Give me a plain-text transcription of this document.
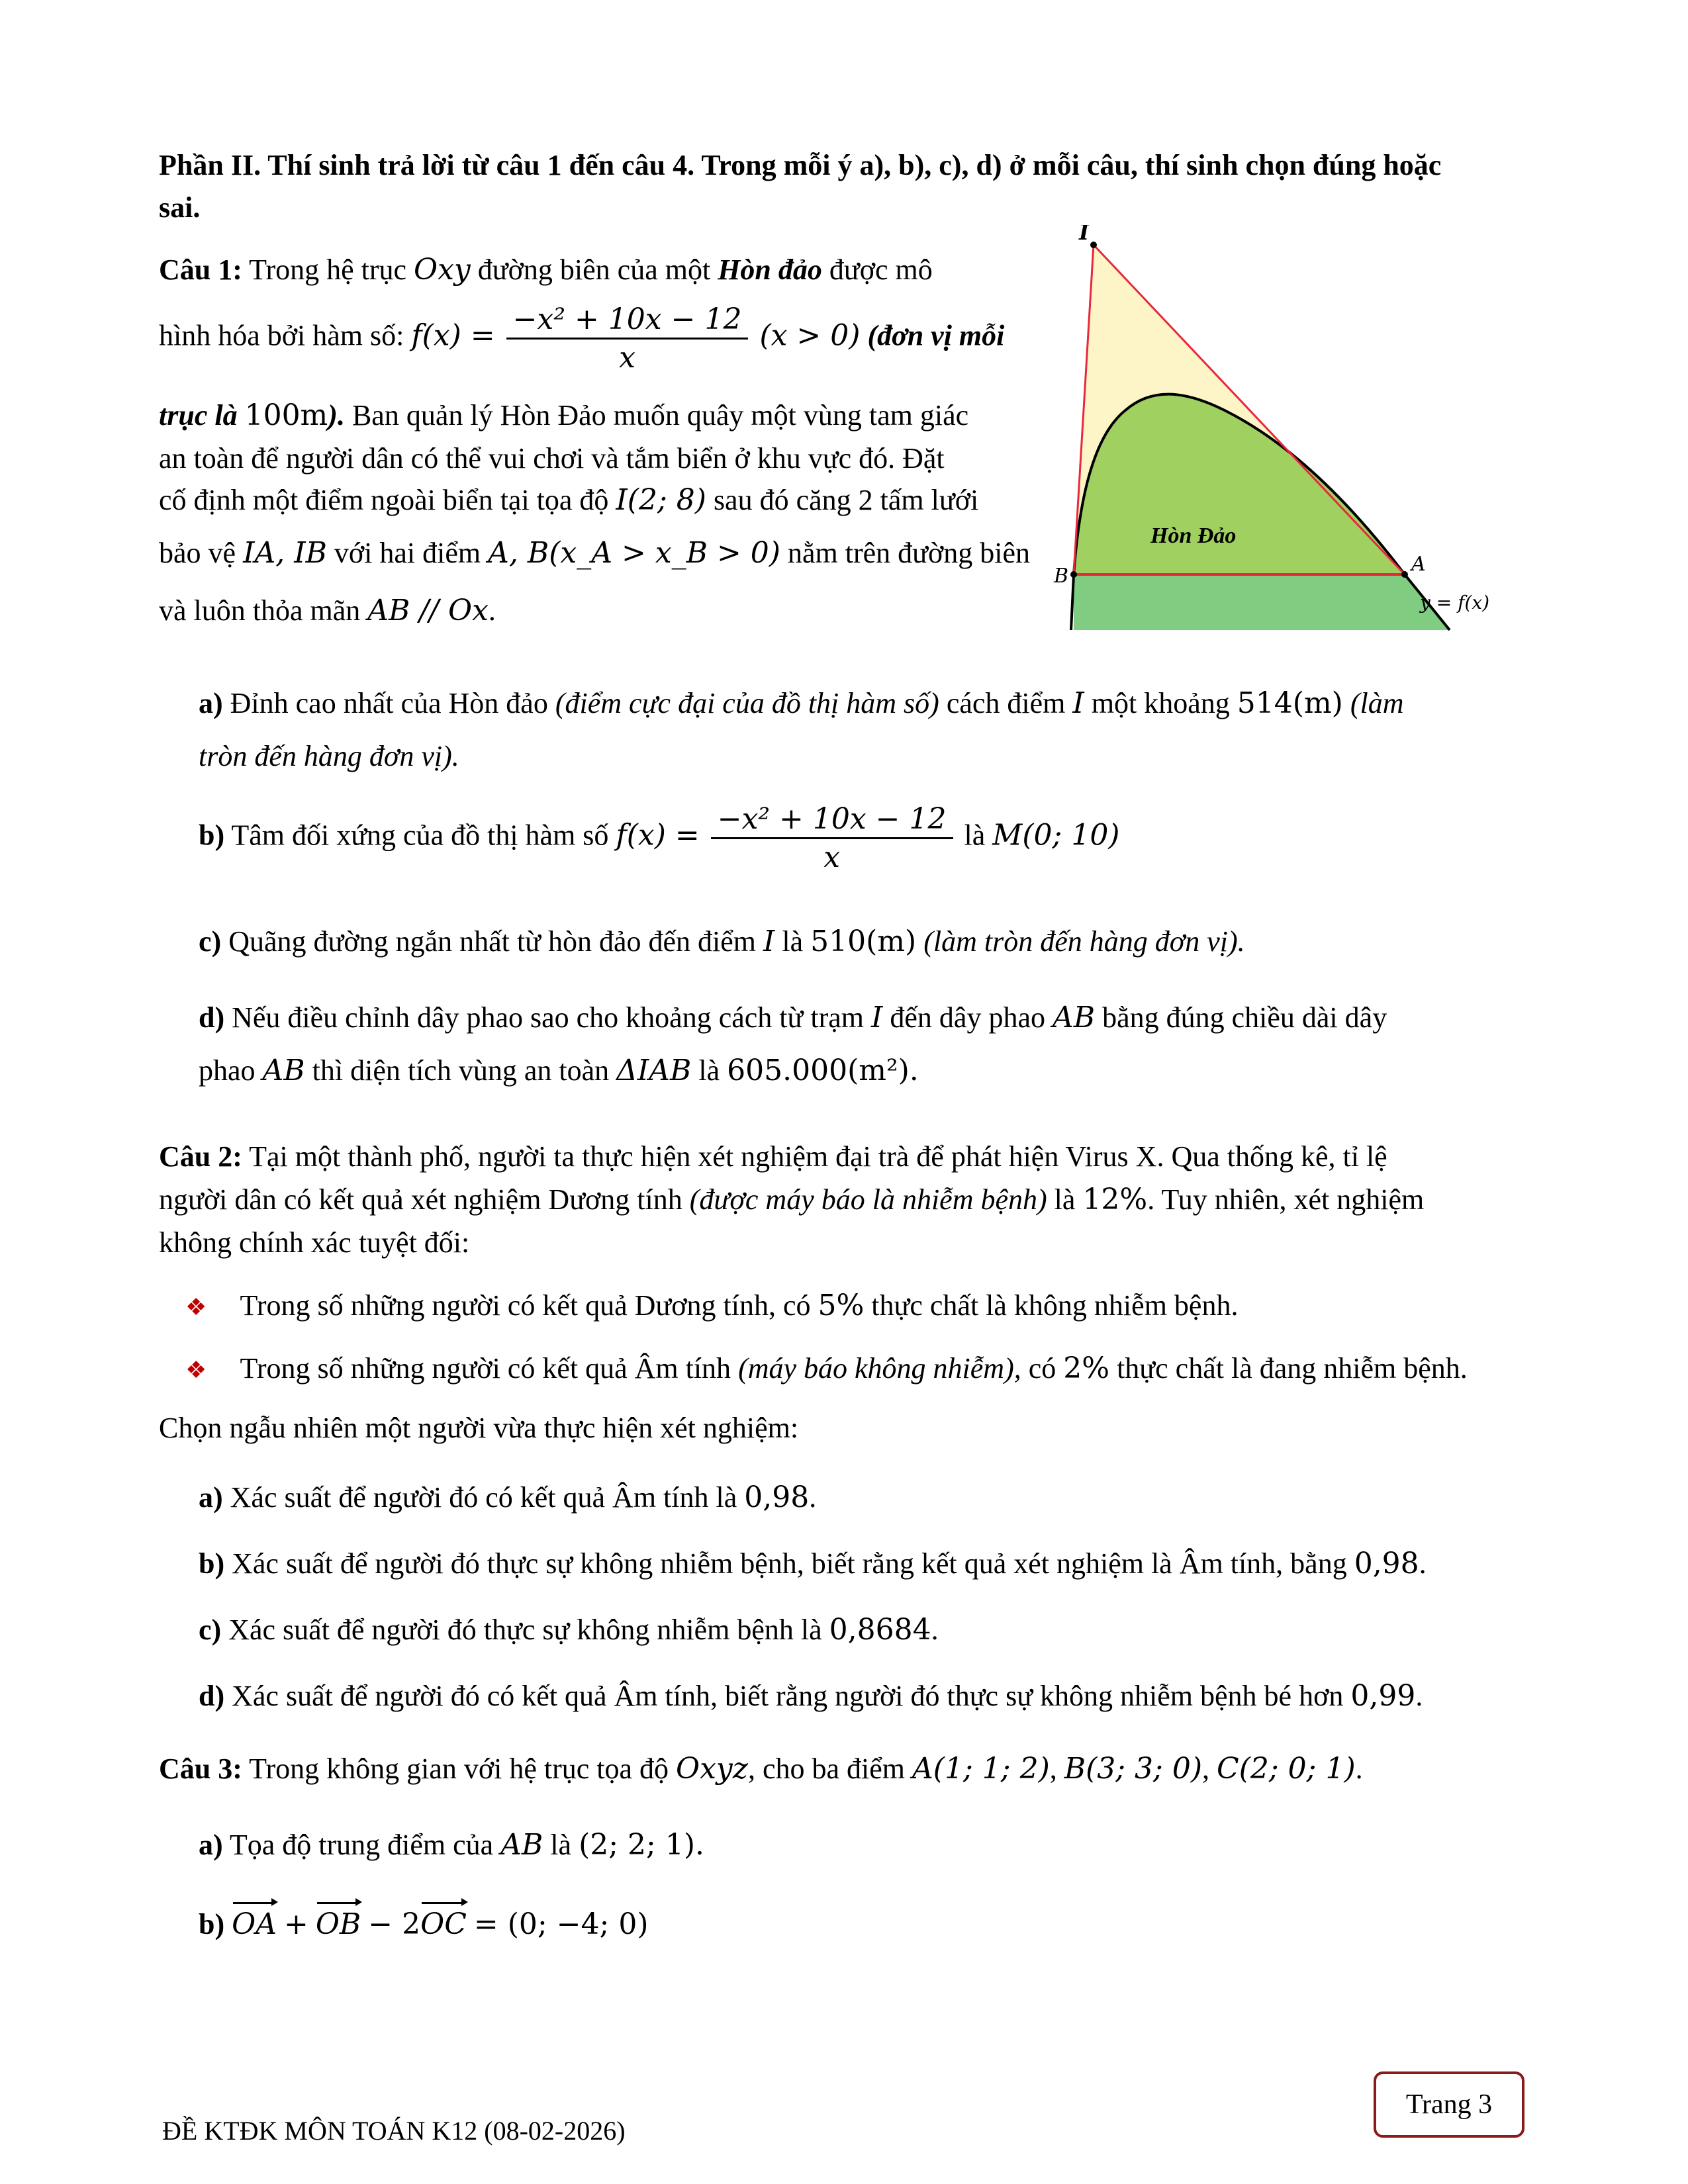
Phần II. Thí sinh trả lời từ câu 1 đến câu 4. Trong mỗi ý a), b), c), d) ở mỗi câu, thí sinh chọn đúng hoặc
sai.
Câu 1: Trong hệ trục Oxy đường biên của một Hòn đảo được mô
hình hóa bởi hàm số: $f(x) = \frac{\text{−x² + 10x − 12}}{x} (x > 0)$ (đơn vị mỗi
trục là 100m). Ban quản lý Hòn Đảo muốn quây một vùng tam giác
an toàn để người dân có thể vui chơi và tắm biển ở khu vực đó. Đặt
cố định một điểm ngoài biển tại tọa độ I(2; 8) sau đó căng 2 tấm lưới
bảo vệ IA, IB với hai điểm A, B(x_A > x_B > 0) nằm trên đường biên
và luôn thỏa mãn AB // Ox.
I
B
A
Hòn Đảo
y = f(x)
a) Đỉnh cao nhất của Hòn đảo (điểm cực đại của đồ thị hàm số) cách điểm I một khoảng 514(m) (làm
tròn đến hàng đơn vị).
b) Tâm đối xứng của đồ thị hàm số $f(x) = \frac{\text{−x² + 10x − 12}}{x}$ là M(0; 10)
c) Quãng đường ngắn nhất từ hòn đảo đến điểm I là 510(m) (làm tròn đến hàng đơn vị).
d) Nếu điều chỉnh dây phao sao cho khoảng cách từ trạm I đến dây phao AB bằng đúng chiều dài dây
phao AB thì diện tích vùng an toàn ΔIAB là 605.000(m²).
Câu 2: Tại một thành phố, người ta thực hiện xét nghiệm đại trà để phát hiện Virus X. Qua thống kê, tỉ lệ
người dân có kết quả xét nghiệm Dương tính (được máy báo là nhiễm bệnh) là 12%. Tuy nhiên, xét nghiệm
không chính xác tuyệt đối:
❖ Trong số những người có kết quả Dương tính, có 5% thực chất là không nhiễm bệnh.
❖ Trong số những người có kết quả Âm tính (máy báo không nhiễm), có 2% thực chất là đang nhiễm bệnh.
Chọn ngẫu nhiên một người vừa thực hiện xét nghiệm:
a) Xác suất để người đó có kết quả Âm tính là 0,98.
b) Xác suất để người đó thực sự không nhiễm bệnh, biết rằng kết quả xét nghiệm là Âm tính, bằng 0,98.
c) Xác suất để người đó thực sự không nhiễm bệnh là 0,8684.
d) Xác suất để người đó có kết quả Âm tính, biết rằng người đó thực sự không nhiễm bệnh bé hơn 0,99.
Câu 3: Trong không gian với hệ trục tọa độ Oxyz, cho ba điểm A(1; 1; 2), B(3; 3; 0), C(2; 0; 1).
a) Tọa độ trung điểm của AB là (2; 2; 1).
b) OA + OB − 2OC = (0; −4; 0)
ĐỀ KTĐK MÔN TOÁN K12 (08-02-2026)
Trang 3
